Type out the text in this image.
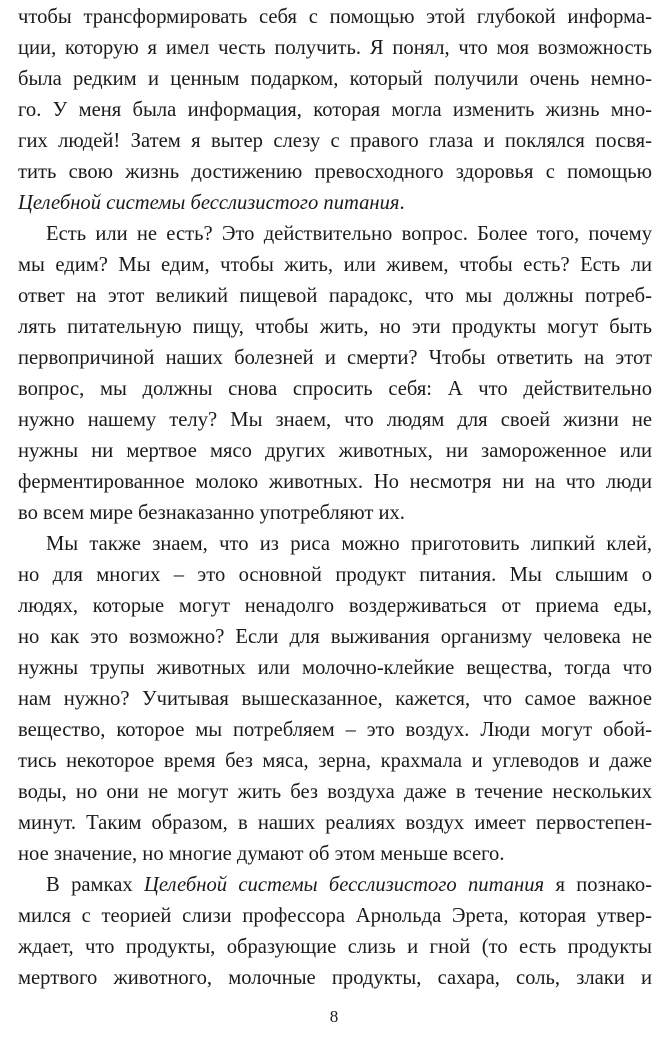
чтобы трансформировать себя с помощью этой глубокой информа-
ции, которую я имел честь получить. Я понял, что моя возможность
была редким и ценным подарком, который получили очень немно-
го. У меня была информация, которая могла изменить жизнь мно-
гих людей! Затем я вытер слезу с правого глаза и поклялся посвя-
тить свою жизнь достижению превосходного здоровья с помощью
Целебной системы бесслизистого питания.
Есть или не есть? Это действительно вопрос. Более того, почему
мы едим? Мы едим, чтобы жить, или живем, чтобы есть? Есть ли
ответ на этот великий пищевой парадокс, что мы должны потреб-
лять питательную пищу, чтобы жить, но эти продукты могут быть
первопричиной наших болезней и смерти? Чтобы ответить на этот
вопрос, мы должны снова спросить себя: А что действительно
нужно нашему телу? Мы знаем, что людям для своей жизни не
нужны ни мертвое мясо других животных, ни замороженное или
ферментированное молоко животных. Но несмотря ни на что люди
во всем мире безнаказанно употребляют их.
Мы также знаем, что из риса можно приготовить липкий клей,
но для многих – это основной продукт питания. Мы слышим о
людях, которые могут ненадолго воздерживаться от приема еды,
но как это возможно? Если для выживания организму человека не
нужны трупы животных или молочно-клейкие вещества, тогда что
нам нужно? Учитывая вышесказанное, кажется, что самое важное
вещество, которое мы потребляем – это воздух. Люди могут обой-
тись некоторое время без мяса, зерна, крахмала и углеводов и даже
воды, но они не могут жить без воздуха даже в течение нескольких
минут. Таким образом, в наших реалиях воздух имеет первостепен-
ное значение, но многие думают об этом меньше всего.
В рамках Целебной системы бесслизистого питания я познако-
мился с теорией слизи профессора Арнольда Эрета, которая утвер-
ждает, что продукты, образующие слизь и гной (то есть продукты
мертвого животного, молочные продукты, сахара, соль, злаки и
8
